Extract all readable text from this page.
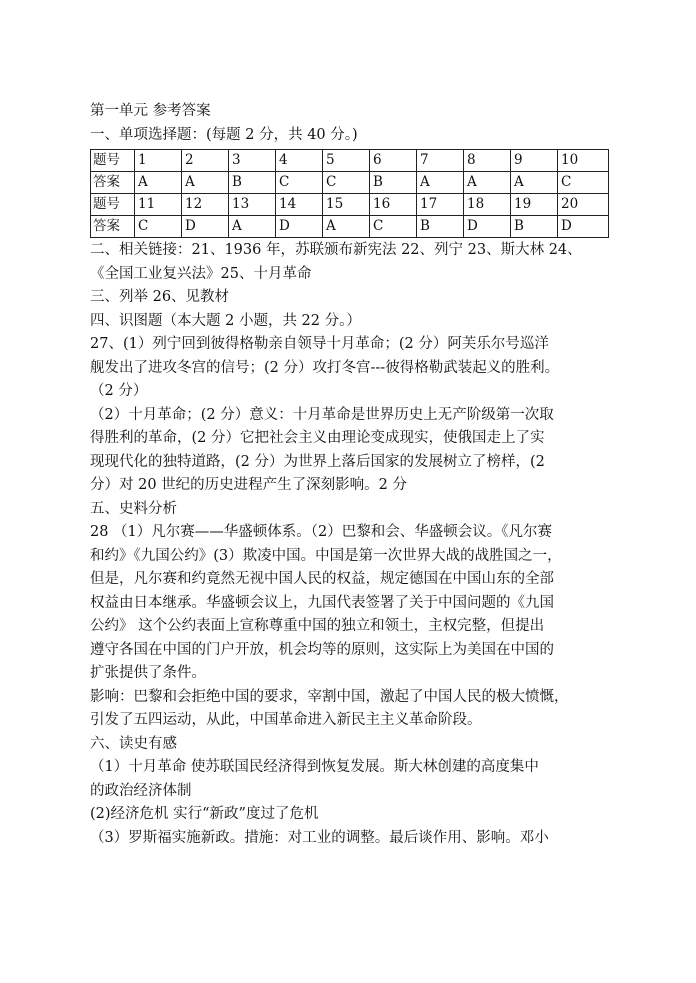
第一单元 参考答案
一、单项选择题：(每题 2 分，共 40 分。)
题号	1	2	3	4	5	6	7	8	9	10
答案	A	A	B	C	C	B	A	A	A	C
题号	11	12	13	14	15	16	17	18	19	20
答案	C	D	A	D	A	C	B	D	B	D
二、相关链接：21、1936 年，苏联颁布新宪法 22、列宁 23、斯大林 24、
《全国工业复兴法》25、十月革命
三、列举 26、见教材
四、识图题（本大题 2 小题，共 22 分。）
27、(1）列宁回到彼得格勒亲自领导十月革命；(2 分）阿芙乐尔号巡洋
舰发出了进攻冬宫的信号；(2 分）攻打冬宫---彼得格勒武装起义的胜利。
（2 分）
（2）十月革命；(2 分）意义：十月革命是世界历史上无产阶级第一次取
得胜利的革命，(2 分）它把社会主义由理论变成现实，使俄国走上了实
现现代化的独特道路，(2 分）为世界上落后国家的发展树立了榜样，(2
分）对 20 世纪的历史进程产生了深刻影响。2 分
五、史料分析
28 （1）凡尔赛——华盛顿体系。（2）巴黎和会、华盛顿会议。《凡尔赛
和约》《九国公约》(3）欺凌中国。中国是第一次世界大战的战胜国之一，
但是，凡尔赛和约竟然无视中国人民的权益，规定德国在中国山东的全部
权益由日本继承。华盛顿会议上，九国代表签署了关于中国问题的《九国
公约》 这个公约表面上宣称尊重中国的独立和领土，主权完整，但提出
遵守各国在中国的门户开放，机会均等的原则，这实际上为美国在中国的
扩张提供了条件。
影响：巴黎和会拒绝中国的要求，宰割中国，激起了中国人民的极大愤慨，
引发了五四运动，从此，中国革命进入新民主主义革命阶段。
六、读史有感
（1）十月革命 使苏联国民经济得到恢复发展。斯大林创建的高度集中
的政治经济体制
(2)经济危机 实行“新政”度过了危机
（3）罗斯福实施新政。措施：对工业的调整。最后谈作用、影响。邓小
